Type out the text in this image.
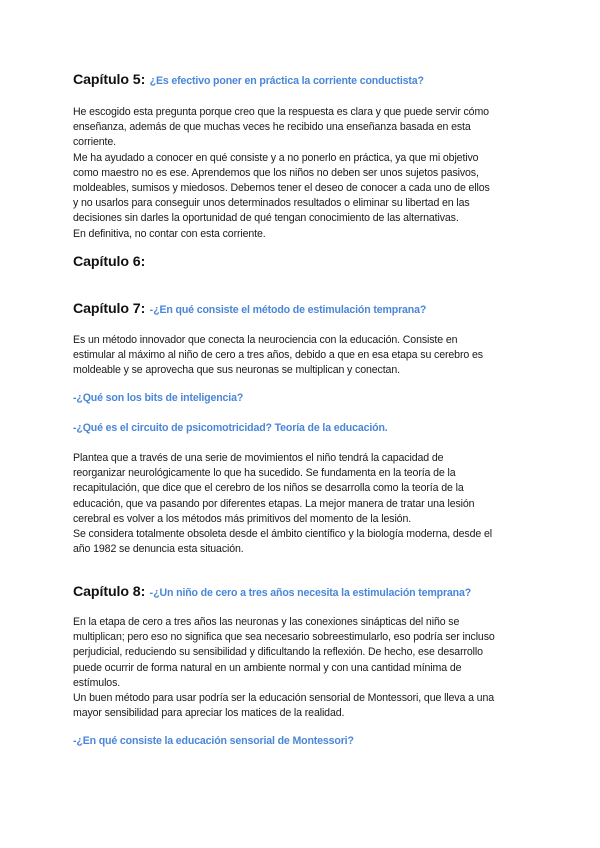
Capítulo 5: ¿Es efectivo poner en práctica la corriente conductista?
He escogido esta pregunta porque creo que la respuesta es clara y que puede servir cómo
enseñanza, además de que muchas veces he recibido una enseñanza basada en esta
corriente.
Me ha ayudado a conocer en qué consiste y a no ponerlo en práctica, ya que mi objetivo
como maestro no es ese. Aprendemos que los niños no deben ser unos sujetos pasivos,
moldeables, sumisos y miedosos. Debemos tener el deseo de conocer a cada uno de ellos
y no usarlos para conseguir unos determinados resultados o eliminar su libertad en las
decisiones sin darles la oportunidad de qué tengan conocimiento de las alternativas.
En definitiva, no contar con esta corriente.
Capítulo 6:
Capítulo 7: -¿En qué consiste el método de estimulación temprana?
Es un método innovador que conecta la neurociencia con la educación. Consiste en
estimular al máximo al niño de cero a tres años, debido a que en esa etapa su cerebro es
moldeable y se aprovecha que sus neuronas se multiplican y conectan.

-¿Qué son los bits de inteligencia?

-¿Qué es el circuito de psicomotricidad? Teoría de la educación.

Plantea que a través de una serie de movimientos el niño tendrá la capacidad de
reorganizar neurológicamente lo que ha sucedido. Se fundamenta en la teoría de la
recapitulación, que dice que el cerebro de los niños se desarrolla como la teoría de la
educación, que va pasando por diferentes etapas. La mejor manera de tratar una lesión
cerebral es volver a los métodos más primitivos del momento de la lesión.
Se considera totalmente obsoleta desde el ámbito científico y la biología moderna, desde el
año 1982 se denuncia esta situación.
Capítulo 8: -¿Un niño de cero a tres años necesita la estimulación temprana?
En la etapa de cero a tres años las neuronas y las conexiones sinápticas del niño se
multiplican; pero eso no significa que sea necesario sobreestimularlo, eso podría ser incluso
perjudicial, reduciendo su sensibilidad y dificultando la reflexión. De hecho, ese desarrollo
puede ocurrir de forma natural en un ambiente normal y con una cantidad mínima de
estímulos.
Un buen método para usar podría ser la educación sensorial de Montessori, que lleva a una
mayor sensibilidad para apreciar los matices de la realidad.

-¿En qué consiste la educación sensorial de Montessori?
